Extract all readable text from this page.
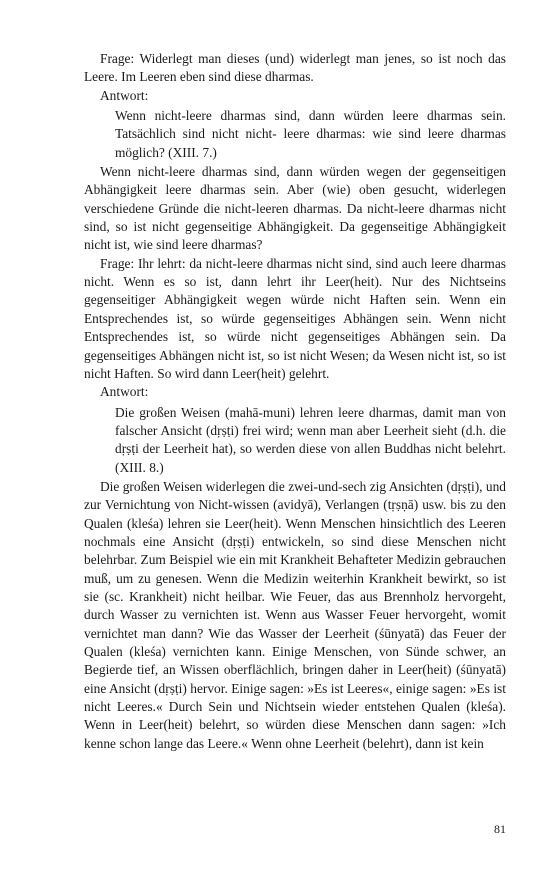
Frage: Widerlegt man dieses (und) widerlegt man jenes, so ist noch das Leere. Im Leeren eben sind diese dharmas.

Antwort:

Wenn nicht-leere dharmas sind, dann würden leere dharmas sein. Tatsächlich sind nicht nicht- leere dharmas: wie sind leere dharmas möglich? (XIII. 7.)

Wenn nicht-leere dharmas sind, dann würden wegen der gegenseitigen Abhängigkeit leere dharmas sein. Aber (wie) oben gesucht, widerlegen verschiedene Gründe die nicht-leeren dharmas. Da nicht-leere dharmas nicht sind, so ist nicht gegenseitige Abhängigkeit. Da gegenseitige Abhängigkeit nicht ist, wie sind leere dharmas?

Frage: Ihr lehrt: da nicht-leere dharmas nicht sind, sind auch leere dharmas nicht. Wenn es so ist, dann lehrt ihr Leer(heit). Nur des Nichtseins gegenseitiger Abhängigkeit wegen würde nicht Haften sein. Wenn ein Entsprechendes ist, so würde gegenseitiges Abhängen sein. Wenn nicht Entsprechendes ist, so würde nicht gegenseitiges Abhängen sein. Da gegenseitiges Abhängen nicht ist, so ist nicht Wesen; da Wesen nicht ist, so ist nicht Haften. So wird dann Leer(heit) gelehrt.

Antwort:

Die großen Weisen (mahā-muni) lehren leere dharmas, damit man von falscher Ansicht (dṛṣṭi) frei wird; wenn man aber Leerheit sieht (d.h. die dṛṣṭi der Leerheit hat), so werden diese von allen Buddhas nicht belehrt. (XIII. 8.)

Die großen Weisen widerlegen die zwei-und-sech zig Ansichten (dṛṣṭi), und zur Vernichtung von Nicht-wissen (avidyā), Verlangen (tṛṣṇā) usw. bis zu den Qualen (kleśa) lehren sie Leer(heit). Wenn Menschen hinsichtlich des Leeren nochmals eine Ansicht (dṛṣṭi) entwickeln, so sind diese Menschen nicht belehrbar. Zum Beispiel wie ein mit Krankheit Behafteter Medizin gebrauchen muß, um zu genesen. Wenn die Medizin weiterhin Krankheit bewirkt, so ist sie (sc. Krankheit) nicht heilbar. Wie Feuer, das aus Brennholz hervorgeht, durch Wasser zu vernichten ist. Wenn aus Wasser Feuer hervorgeht, womit vernichtet man dann? Wie das Wasser der Leerheit (śūnyatā) das Feuer der Qualen (kleśa) vernichten kann. Einige Menschen, von Sünde schwer, an Begierde tief, an Wissen oberflächlich, bringen daher in Leer(heit) (śūnyatā) eine Ansicht (dṛṣṭi) hervor. Einige sagen: »Es ist Leeres«, einige sagen: »Es ist nicht Leeres.« Durch Sein und Nichtsein wieder entstehen Qualen (kleśa). Wenn in Leer(heit) belehrt, so würden diese Menschen dann sagen: »Ich kenne schon lange das Leere.« Wenn ohne Leerheit (belehrt), dann ist kein

81
